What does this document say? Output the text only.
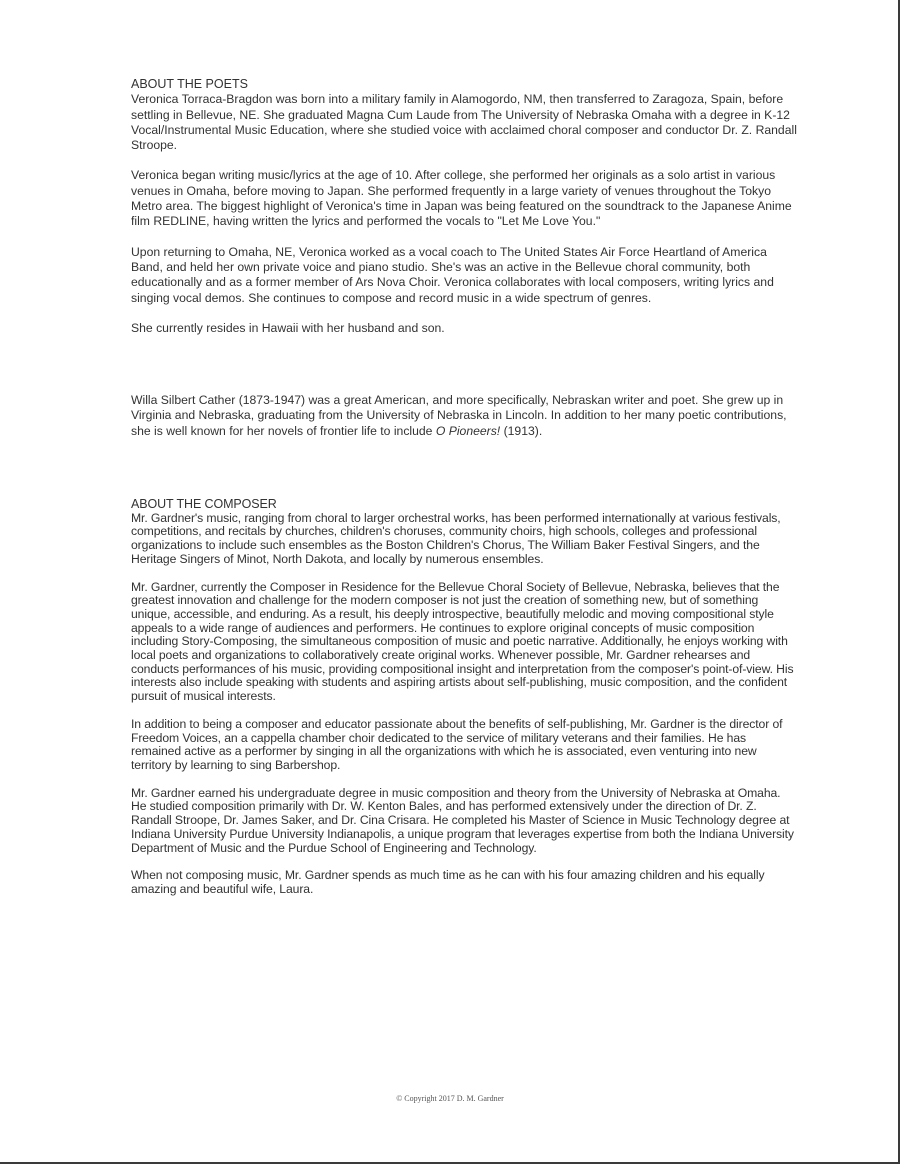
ABOUT THE POETS

Veronica Torraca-Bragdon was born into a military family in Alamogordo, NM, then transferred to Zaragoza, Spain, before settling in Bellevue, NE. She graduated Magna Cum Laude from The University of Nebraska Omaha with a degree in K-12 Vocal/Instrumental Music Education, where she studied voice with acclaimed choral composer and conductor Dr. Z. Randall Stroope.

Veronica began writing music/lyrics at the age of 10. After college, she performed her originals as a solo artist in various venues in Omaha, before moving to Japan. She performed frequently in a large variety of venues throughout the Tokyo Metro area. The biggest highlight of Veronica's time in Japan was being featured on the soundtrack to the Japanese Anime film REDLINE, having written the lyrics and performed the vocals to "Let Me Love You."

Upon returning to Omaha, NE, Veronica worked as a vocal coach to The United States Air Force Heartland of America Band, and held her own private voice and piano studio. She's was an active in the Bellevue choral community, both educationally and as a former member of Ars Nova Choir. Veronica collaborates with local composers, writing lyrics and singing vocal demos. She continues to compose and record music in a wide spectrum of genres.

She currently resides in Hawaii with her husband and son.

Willa Silbert Cather (1873-1947) was a great American, and more specifically, Nebraskan writer and poet. She grew up in Virginia and Nebraska, graduating from the University of Nebraska in Lincoln. In addition to her many poetic contributions, she is well known for her novels of frontier life to include O Pioneers! (1913).

ABOUT THE COMPOSER

Mr. Gardner's music, ranging from choral to larger orchestral works, has been performed internationally at various festivals, competitions, and recitals by churches, children's choruses, community choirs, high schools, colleges and professional organizations to include such ensembles as the Boston Children's Chorus, The William Baker Festival Singers, and the Heritage Singers of Minot, North Dakota, and locally by numerous ensembles.

Mr. Gardner, currently the Composer in Residence for the Bellevue Choral Society of Bellevue, Nebraska, believes that the greatest innovation and challenge for the modern composer is not just the creation of something new, but of something unique, accessible, and enduring. As a result, his deeply introspective, beautifully melodic and moving compositional style appeals to a wide range of audiences and performers. He continues to explore original concepts of music composition including Story-Composing, the simultaneous composition of music and poetic narrative. Additionally, he enjoys working with local poets and organizations to collaboratively create original works. Whenever possible, Mr. Gardner rehearses and conducts performances of his music, providing compositional insight and interpretation from the composer's point-of-view. His interests also include speaking with students and aspiring artists about self-publishing, music composition, and the confident pursuit of musical interests.

In addition to being a composer and educator passionate about the benefits of self-publishing, Mr. Gardner is the director of Freedom Voices, an a cappella chamber choir dedicated to the service of military veterans and their families. He has remained active as a performer by singing in all the organizations with which he is associated, even venturing into new territory by learning to sing Barbershop.

Mr. Gardner earned his undergraduate degree in music composition and theory from the University of Nebraska at Omaha. He studied composition primarily with Dr. W. Kenton Bales, and has performed extensively under the direction of Dr. Z. Randall Stroope, Dr. James Saker, and Dr. Cina Crisara. He completed his Master of Science in Music Technology degree at Indiana University Purdue University Indianapolis, a unique program that leverages expertise from both the Indiana University Department of Music and the Purdue School of Engineering and Technology.

When not composing music, Mr. Gardner spends as much time as he can with his four amazing children and his equally amazing and beautiful wife, Laura.

© Copyright 2017 D. M. Gardner
